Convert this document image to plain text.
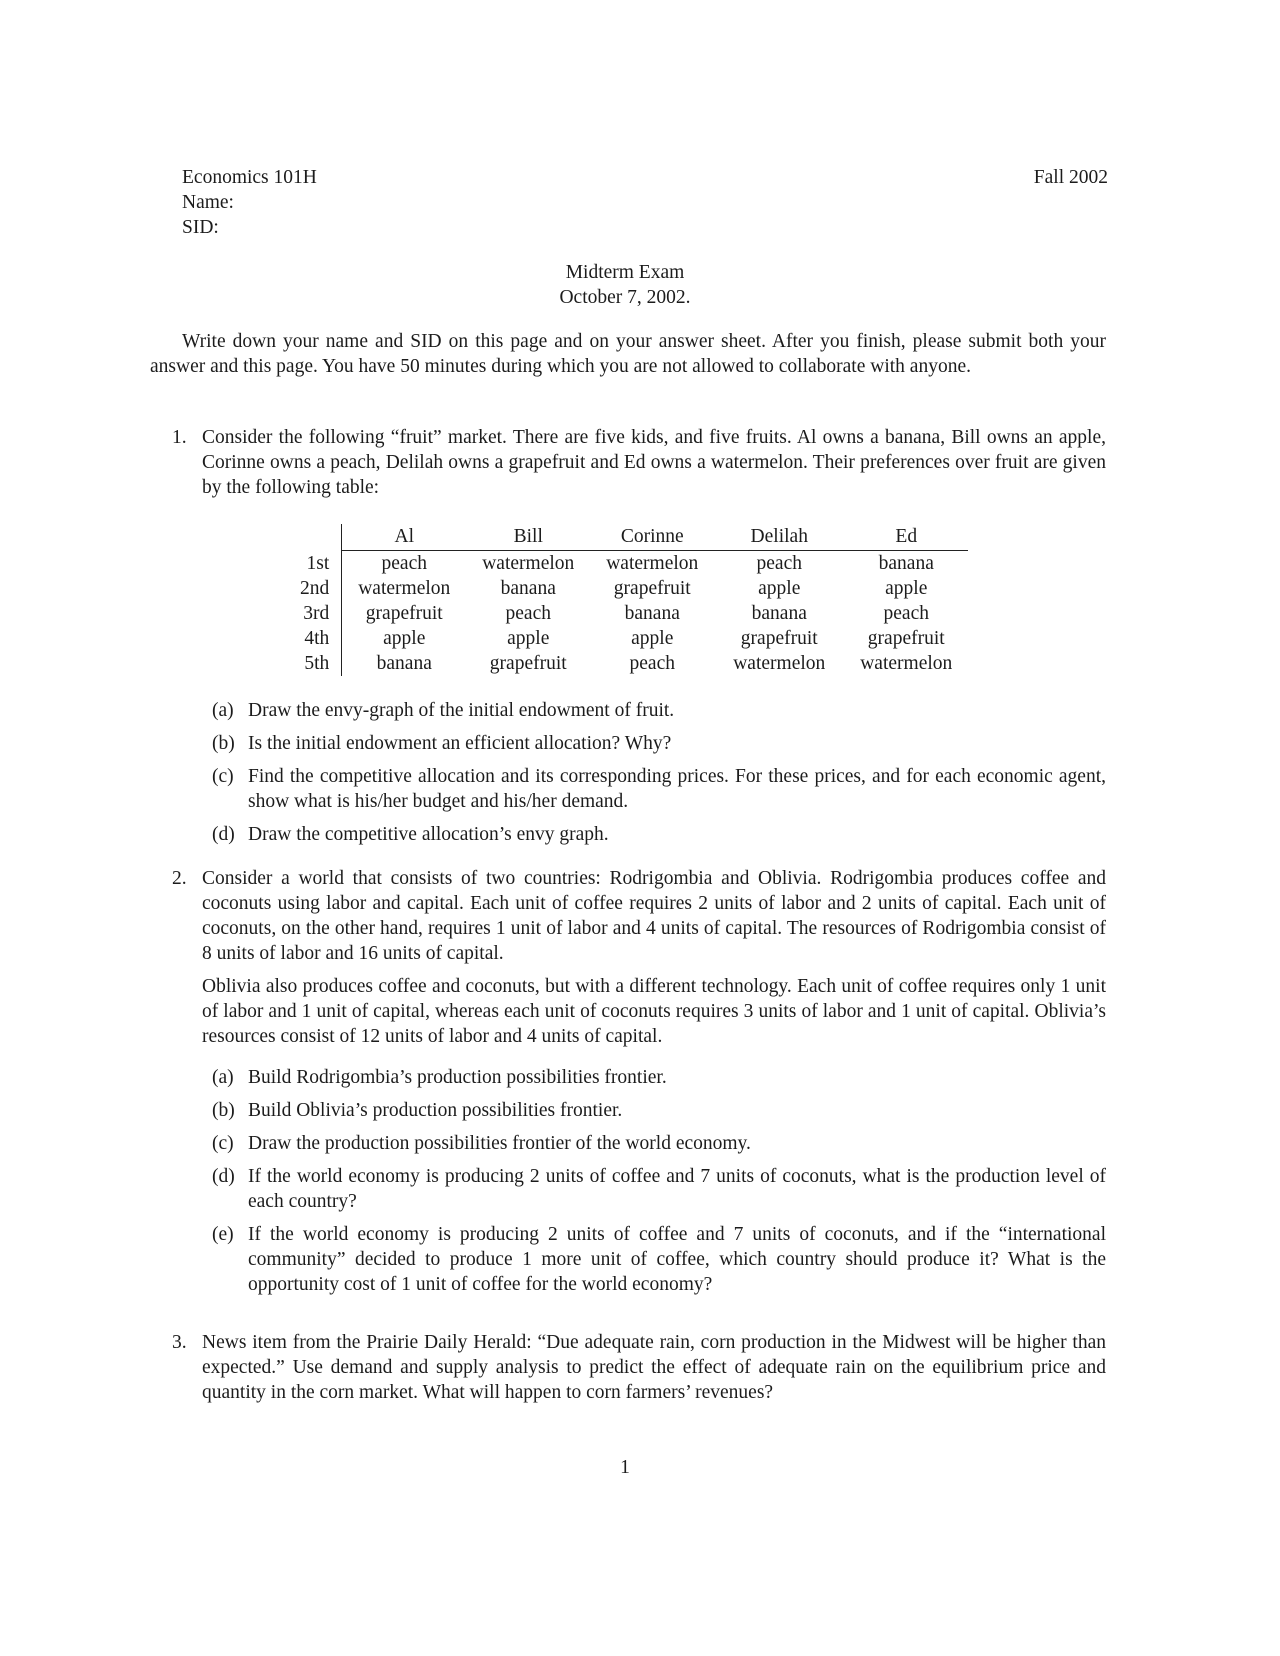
Economics 101H	Fall 2002
Name:
SID:
Midterm Exam
October 7, 2002.
Write down your name and SID on this page and on your answer sheet. After you finish, please submit both your answer and this page. You have 50 minutes during which you are not allowed to collaborate with anyone.
1. Consider the following “fruit” market. There are five kids, and five fruits. Al owns a banana, Bill owns an apple, Corinne owns a peach, Delilah owns a grapefruit and Ed owns a watermelon. Their preferences over fruit are given by the following table:
	Al	Bill	Corinne	Delilah	Ed
1st	peach	watermelon	watermelon	peach	banana
2nd	watermelon	banana	grapefruit	apple	apple
3rd	grapefruit	peach	banana	banana	peach
4th	apple	apple	apple	grapefruit	grapefruit
5th	banana	grapefruit	peach	watermelon	watermelon
(a) Draw the envy-graph of the initial endowment of fruit.
(b) Is the initial endowment an efficient allocation? Why?
(c) Find the competitive allocation and its corresponding prices. For these prices, and for each economic agent, show what is his/her budget and his/her demand.
(d) Draw the competitive allocation’s envy graph.
2. Consider a world that consists of two countries: Rodrigombia and Oblivia. Rodrigombia produces coffee and coconuts using labor and capital. Each unit of coffee requires 2 units of labor and 2 units of capital. Each unit of coconuts, on the other hand, requires 1 unit of labor and 4 units of capital. The resources of Rodrigombia consist of 8 units of labor and 16 units of capital.
Oblivia also produces coffee and coconuts, but with a different technology. Each unit of coffee requires only 1 unit of labor and 1 unit of capital, whereas each unit of coconuts requires 3 units of labor and 1 unit of capital. Oblivia’s resources consist of 12 units of labor and 4 units of capital.
(a) Build Rodrigombia’s production possibilities frontier.
(b) Build Oblivia’s production possibilities frontier.
(c) Draw the production possibilities frontier of the world economy.
(d) If the world economy is producing 2 units of coffee and 7 units of coconuts, what is the production level of each country?
(e) If the world economy is producing 2 units of coffee and 7 units of coconuts, and if the “international community” decided to produce 1 more unit of coffee, which country should produce it? What is the opportunity cost of 1 unit of coffee for the world economy?
3. News item from the Prairie Daily Herald: “Due adequate rain, corn production in the Midwest will be higher than expected.” Use demand and supply analysis to predict the effect of adequate rain on the equilibrium price and quantity in the corn market. What will happen to corn farmers’ revenues?
1
